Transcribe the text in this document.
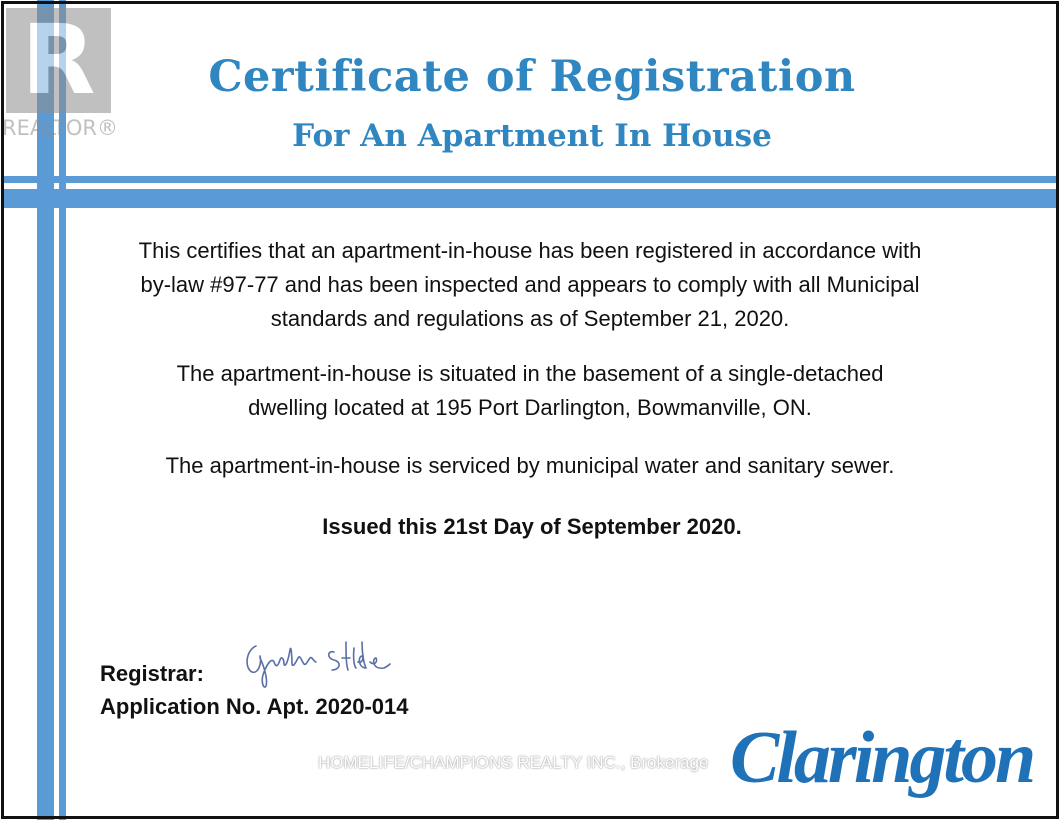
R
REALTOR®
Certificate of Registration
For An Apartment In House
This certifies that an apartment-in-house has been registered in accordance with
by-law #97-77 and has been inspected and appears to comply with all Municipal
standards and regulations as of September 21, 2020.
The apartment-in-house is situated in the basement of a single-detached
dwelling located at 195 Port Darlington, Bowmanville, ON.
The apartment-in-house is serviced by municipal water and sanitary sewer.
Issued this 21st Day of September 2020.
Registrar:
Application No. Apt. 2020-014
HOMELIFE/CHAMPIONS REALTY INC., Brokerage Clarington
